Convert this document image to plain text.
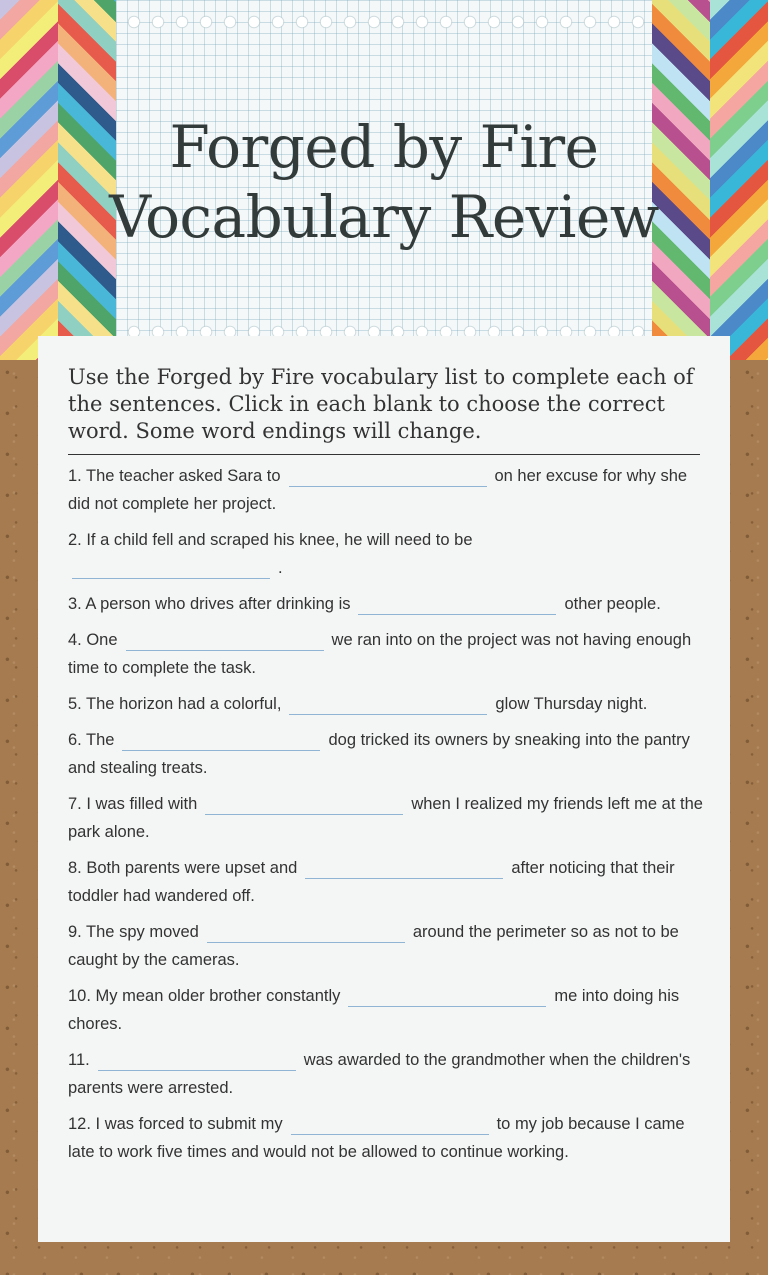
Forged by Fire
Vocabulary Review

Use the Forged by Fire vocabulary list to complete each of the sentences. Click in each blank to choose the correct word. Some word endings will change.

1. The teacher asked Sara to	on her excuse for why she did not complete her project.

2. If a child fell and scraped his knee, he will need to be
.

3. A person who drives after drinking is	other people.

4. One	we ran into on the project was not having enough time to complete the task.

5. The horizon had a colorful,	glow Thursday night.

6. The	dog tricked its owners by sneaking into the pantry and stealing treats.

7. I was filled with	when I realized my friends left me at the park alone.

8. Both parents were upset and	after noticing that their toddler had wandered off.

9. The spy moved	around the perimeter so as not to be caught by the cameras.

10. My mean older brother constantly	me into doing his chores.

11.	was awarded to the grandmother when the children's parents were arrested.

12. I was forced to submit my	to my job because I came late to work five times and would not be allowed to continue working.
